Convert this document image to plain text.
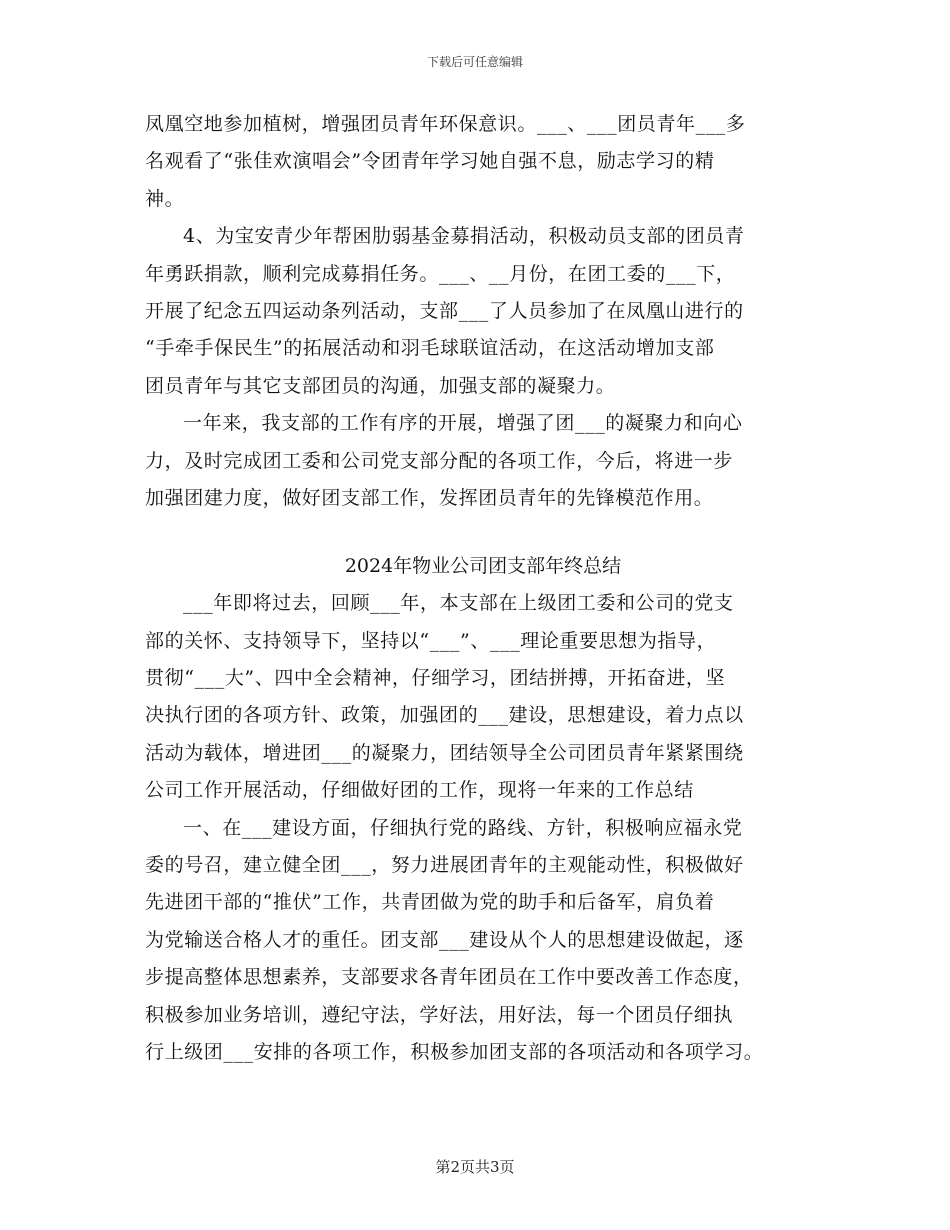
下载后可任意编辑
凤凰空地参加植树，增强团员青年环保意识。___、___团员青年___多
名观看了“张佳欢演唱会”令团青年学习她自强不息，励志学习的精
神。
4、为宝安青少年帮困肋弱基金募捐活动，积极动员支部的团员青
年勇跃捐款，顺利完成募捐任务。___、__月份，在团工委的___下，
开展了纪念五四运动条列活动，支部___了人员参加了在凤凰山进行的
“手牵手保民生”的拓展活动和羽毛球联谊活动，在这活动增加支部
团员青年与其它支部团员的沟通，加强支部的凝聚力。
一年来，我支部的工作有序的开展，增强了团___的凝聚力和向心
力，及时完成团工委和公司党支部分配的各项工作，今后，将进一步
加强团建力度，做好团支部工作，发挥团员青年的先锋模范作用。
2024年物业公司团支部年终总结
___年即将过去，回顾___年，本支部在上级团工委和公司的党支
部的关怀、支持领导下，坚持以“___”、___理论重要思想为指导，
贯彻“___大”、四中全会精神，仔细学习，团结拼搏，开拓奋进，坚
决执行团的各项方针、政策，加强团的___建设，思想建设，着力点以
活动为载体，增进团___的凝聚力，团结领导全公司团员青年紧紧围绕
公司工作开展活动，仔细做好团的工作，现将一年来的工作总结
一、在___建设方面，仔细执行党的路线、方针，积极响应福永党
委的号召，建立健全团___，努力进展团青年的主观能动性，积极做好
先进团干部的“推伏”工作，共青团做为党的助手和后备军，肩负着
为党输送合格人才的重任。团支部___建设从个人的思想建设做起，逐
步提高整体思想素养，支部要求各青年团员在工作中要改善工作态度，
积极参加业务培训，遵纪守法，学好法，用好法，每一个团员仔细执
行上级团___安排的各项工作，积极参加团支部的各项活动和各项学习。
第2页共3页
